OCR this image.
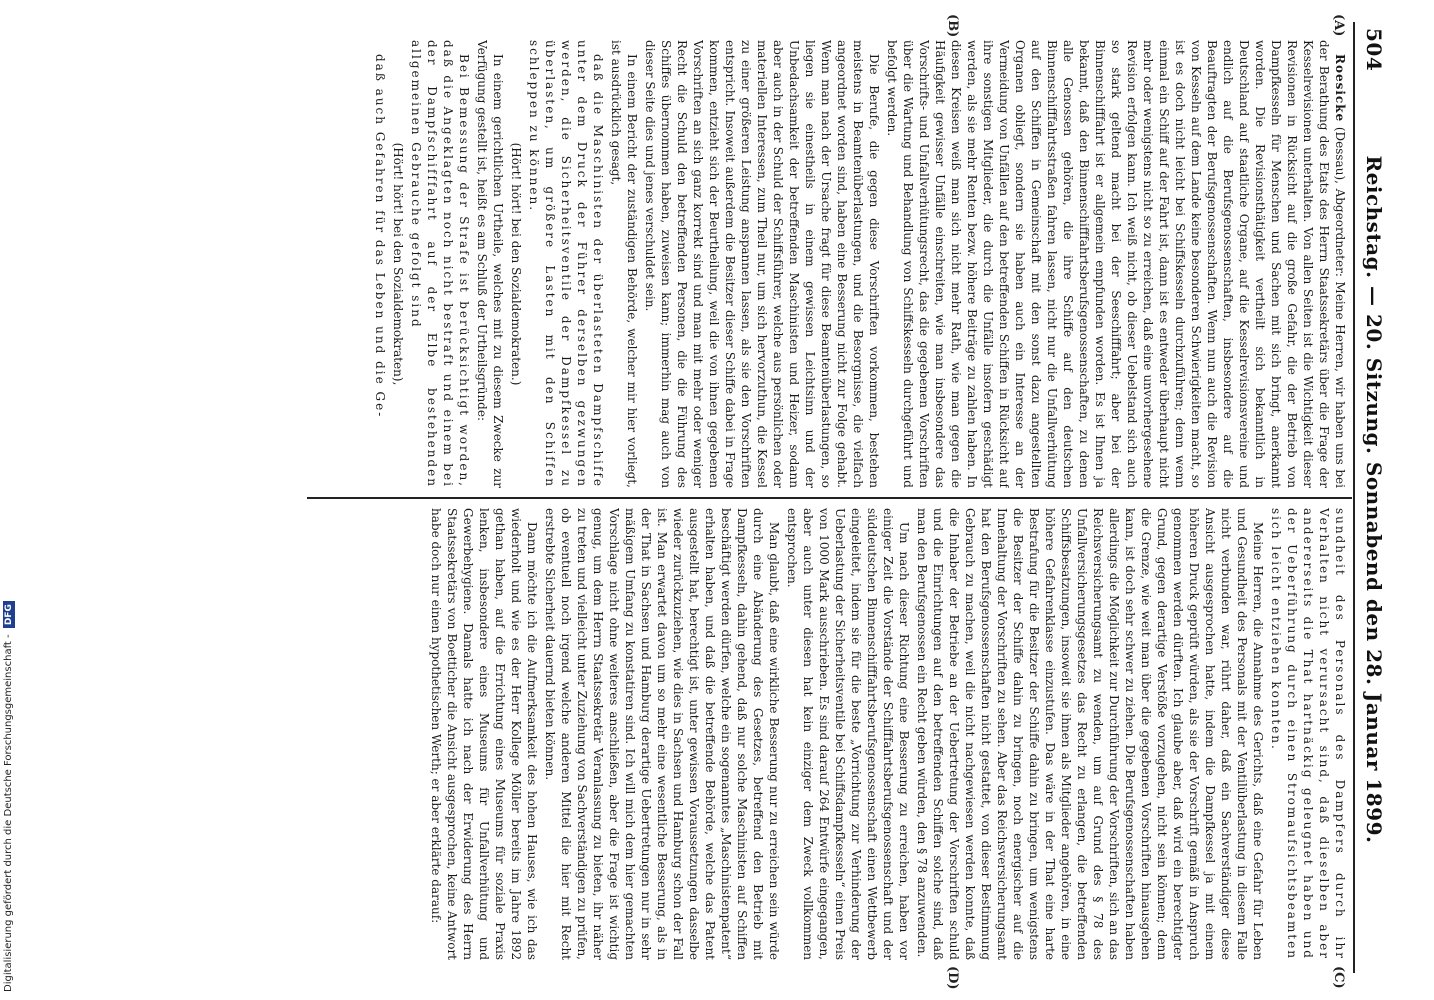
Digitalisierung gefördert durch die Deutsche Forschungsgemeinschaft - DFG
504
Reichstag. — 20. Sitzung. Sonnabend den 28. Januar 1899.
(A)
(B)
(C)
(D)

Roesicke (Dessau), Abgeordneter: Meine Herren, wir haben uns bei der Berathung des Etats des Herrn Staatssekretärs über die Frage der Kesselrevisionen unterhalten. Von allen Seiten ist die Wichtigkeit dieser Revisionen in Rücksicht auf die große Gefahr, die der Betrieb von Dampfkesseln für Menschen und Sachen mit sich bringt, anerkannt worden. Die Revisionsthätigkeit vertheilt sich bekanntlich in Deutschland auf staatliche Organe, auf die Kesselrevisionsvereine und endlich auf die Berufsgenossenschaften, insbesondere auf die Beauftragten der Berufsgenossenschaften. Wenn nun auch die Revision von Kesseln auf dem Lande keine besonderen Schwierigkeiten macht, so ist es doch nicht leicht bei Schiffskesseln durchzuführen; denn wenn einmal ein Schiff auf der Fahrt ist, dann ist es entweder überhaupt nicht mehr oder wenigstens nicht so zu erreichen, daß eine unvorhergesehene Revision erfolgen kann. Ich weiß nicht, ob dieser Uebelstand sich auch so stark geltend macht bei der Seeschifffahrt; aber bei der Binnenschifffahrt ist er allgemein empfunden worden. Es ist Ihnen ja bekannt, daß den Binnenschifffahrtsberufsgenossenschaften, zu denen alle Genossen gehören, die ihre Schiffe auf den deutschen Binnenschifffahrtsstraßen fahren lassen, nicht nur die Unfallverhütung auf den Schiffen in Gemeinschaft mit den sonst dazu angestellten Organen obliegt, sondern sie haben auch ein Interesse an der Vermeidung von Unfällen auf den betreffenden Schiffen in Rücksicht auf ihre sonstigen Mitglieder, die durch die Unfälle insofern geschädigt werden, als sie mehr Renten bezw. höhere Beiträge zu zahlen haben. In diesen Kreisen weiß man sich nicht mehr Rath, wie man gegen die Häufigkeit gewisser Unfälle einschreiten, wie man insbesondere das Vorschrifts- und Unfallverhütungsrecht, das die gegebenen Vorschriften über die Wartung und Behandlung von Schiffskesseln durchgeführt und befolgt werden.

Die Berufe, die gegen diese Vorschriften vorkommen, bestehen meistens in Beamtenüberlastungen, und die Besorgnisse, die vielfach angeordnet worden sind, haben eine Besserung nicht zur Folge gehabt. Wenn man nach der Ursache fragt für diese Beamtenüberlastungen, so liegen sie einestheils in einem gewissen Leichtsinn und der Unbedachsamkeit der betreffenden Maschinisten und Heizer, sodann aber auch in der Schuld der Schiffsführer, welche aus persönlichen oder materiellen Interessen, zum Theil nur, um sich hervorzuthun, die Kessel zu einer größeren Leistung anspannen lassen, als sie den Vorschriften entspricht. Insoweit außerdem die Besitzer dieser Schiffe dabei in Frage kommen, entzieht sich der Beurtheilung, weil die von ihnen gegebenen Vorschriften an sich ganz korrekt sind und man mit mehr oder weniger Recht die Schuld den betreffenden Personen, die die Führung des Schiffes übernommen haben, zuweisen kann; immerhin mag auch von dieser Seite dies und jenes verschuldet sein.

In einem Bericht der zuständigen Behörde, welcher mir hier vorliegt, ist ausdrücklich gesagt,

daß die Maschinisten der überlasteten Dampfschiffe unter dem Druck der Führer derselben gezwungen werden, die Sicherheitsventile der Dampfkessel zu überlasten, um größere Lasten mit den Schiffen schleppen zu können.

(Hört! hört! bei den Sozialdemokraten.)

In einem gerichtlichen Urtheile, welches mit zu diesem Zwecke zur Verfügung gestellt ist, heißt es am Schluß der Urtheilsgründe:

Bei Bemessung der Strafe ist berücksichtigt worden, daß die Angeklagten noch nicht bestraft und einem bei der Dampfschifffahrt auf der Elbe bestehenden allgemeinen Gebrauche gefolgt sind

(Hört! hört! bei den Sozialdemokraten),

daß auch Gefahren für das Leben und die Ge-

sundheit des Personals des Dampfers durch ihr Verhalten nicht verursacht sind, daß dieselben aber andererseits die That hartnäckig geleugnet haben und der Ueberführung durch einen Stromaufsichtsbeamten sich leicht entziehen konnten.

Meine Herren, die Annahme des Gerichts, daß eine Gefahr für Leben und Gesundheit des Personals mit der Ventilüberlastung in diesem Falle nicht verbunden war, rührt daher, daß ein Sachverständiger diese Ansicht ausgesprochen hatte, indem die Dampfkessel ja mit einem höheren Druck geprüft würden, als sie der Vorschrift gemäß in Anspruch genommen werden dürften. Ich glaube aber, daß wird ein berechtigter Grund, gegen derartige Verstöße vorzugehen, nicht sein können; denn die Grenze, wie weit man über die gegebenen Vorschriften hinausgehen kann, ist doch sehr schwer zu ziehen. Die Berufsgenossenschaften haben allerdings die Möglichkeit zur Durchführung der Vorschriften, sich an das Reichsversicherungsamt zu wenden, um auf Grund des § 78 des Unfallversicherungsgesetzes das Recht zu erlangen, die betreffenden Schiffsbesatzungen, insoweit sie ihnen als Mitglieder angehören, in eine höhere Gefahrenklasse einzustufen. Das wäre in der That eine harte Bestrafung für die Besitzer der Schiffe dahin zu bringen, um wenigstens die Besitzer der Schiffe dahin zu bringen, noch energischer auf die Innehaltung der Vorschriften zu sehen. Aber das Reichsversicherungsamt hat den Berufsgenossenschaften nicht gestattet, von dieser Bestimmung Gebrauch zu machen, weil die nicht nachgewiesen werden konnte, daß die Inhaber der Betriebe an der Uebertretung der Vorschriften schuld und die Einrichtungen auf den betreffenden Schiffen solche sind, daß man den Berufsgenossen ein Recht geben würden, den § 78 anzuwenden.

Um nach dieser Richtung eine Besserung zu erreichen, haben vor einiger Zeit die Vorstände der Schifffahrtsberufsgenossenschaft und der süddeutschen Binnenschifffahrtsberufsgenossenschaft einen Wettbewerb eingeleitet, indem sie für die beste „Vorrichtung zur Verhinderung der Ueberlastung der Sicherheitsventile bei Schiffsdampfkesseln“ einen Preis von 1000 Mark ausschrieben. Es sind darauf 264 Entwürfe eingegangen, aber auch unter diesen hat kein einziger dem Zweck vollkommen entsprochen.

Man glaubt, daß eine wirkliche Besserung nur zu erreichen sein würde durch eine Abänderung des Gesetzes, betreffend den Betrieb mit Dampfkesseln, dahin gehend, daß nur solche Maschinisten auf Schiffen beschäftigt werden dürfen, welche ein sogenanntes „Maschinistenpatent“ erhalten haben, und daß die betreffende Behörde, welche das Patent ausgestellt hat, berechtigt ist, unter gewissen Voraussetzungen dasselbe wieder zurückzuziehen, wie dies in Sachsen und Hamburg schon der Fall ist. Man erwartet davon um so mehr eine wesentliche Besserung, als in der That in Sachsen und Hamburg derartige Uebertretungen nur in sehr mäßigem Umfang zu konstatiren sind. Ich will mich dem hier gemachten Vorschlage nicht ohne weiteres anschließen, aber die Frage ist wichtig genug, um dem Herrn Staatssekretär Veranlassung zu bieten, ihr näher zu treten und vielleicht unter Zuziehung von Sachverständigen zu prüfen, ob eventuell noch irgend welche anderen Mittel die hier mit Recht erstrebte Sicherheit dauernd bieten können.

Dann möchte ich die Aufmerksamkeit des hohen Hauses, wie ich das wiederholt und wie es der Herr Kollege Möller bereits im Jahre 1892 gethan haben, auf die Errichtung eines Museums für soziale Praxis lenken, insbesondere eines Museums für Unfallverhütung und Gewerbehygiene. Damals hatte ich nach der Erwiderung des Herrn Staatssekretärs von Boetticher die Ansicht ausgesprochen, keine Antwort habe doch nur einen hypothetischen Werth; er aber erklärte darauf:
